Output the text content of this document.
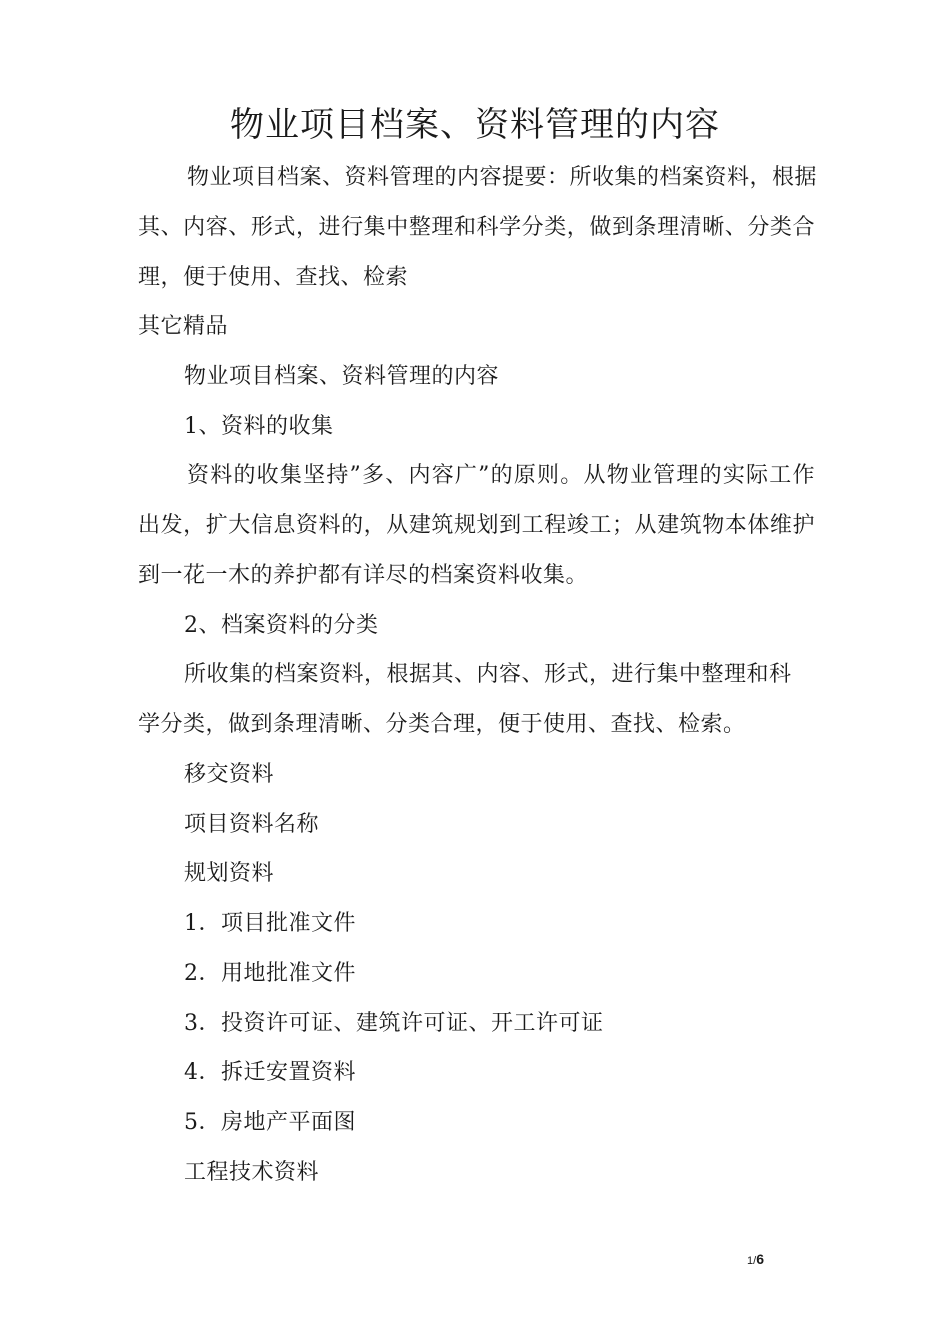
物业项目档案、资料管理的内容
物业项目档案、资料管理的内容提要：所收集的档案资料，根据
其、内容、形式，进行集中整理和科学分类，做到条理清晰、分类合
理，便于使用、查找、检索
其它精品
物业项目档案、资料管理的内容
1、资料的收集
资料的收集坚持”多、内容广”的原则。从物业管理的实际工作
出发，扩大信息资料的，从建筑规划到工程竣工；从建筑物本体维护
到一花一木的养护都有详尽的档案资料收集。
2、档案资料的分类
所收集的档案资料，根据其、内容、形式，进行集中整理和科
学分类，做到条理清晰、分类合理，便于使用、查找、检索。
移交资料
项目资料名称
规划资料
1．项目批准文件
2．用地批准文件
3．投资许可证、建筑许可证、开工许可证
4．拆迁安置资料
5．房地产平面图
工程技术资料
1/6
